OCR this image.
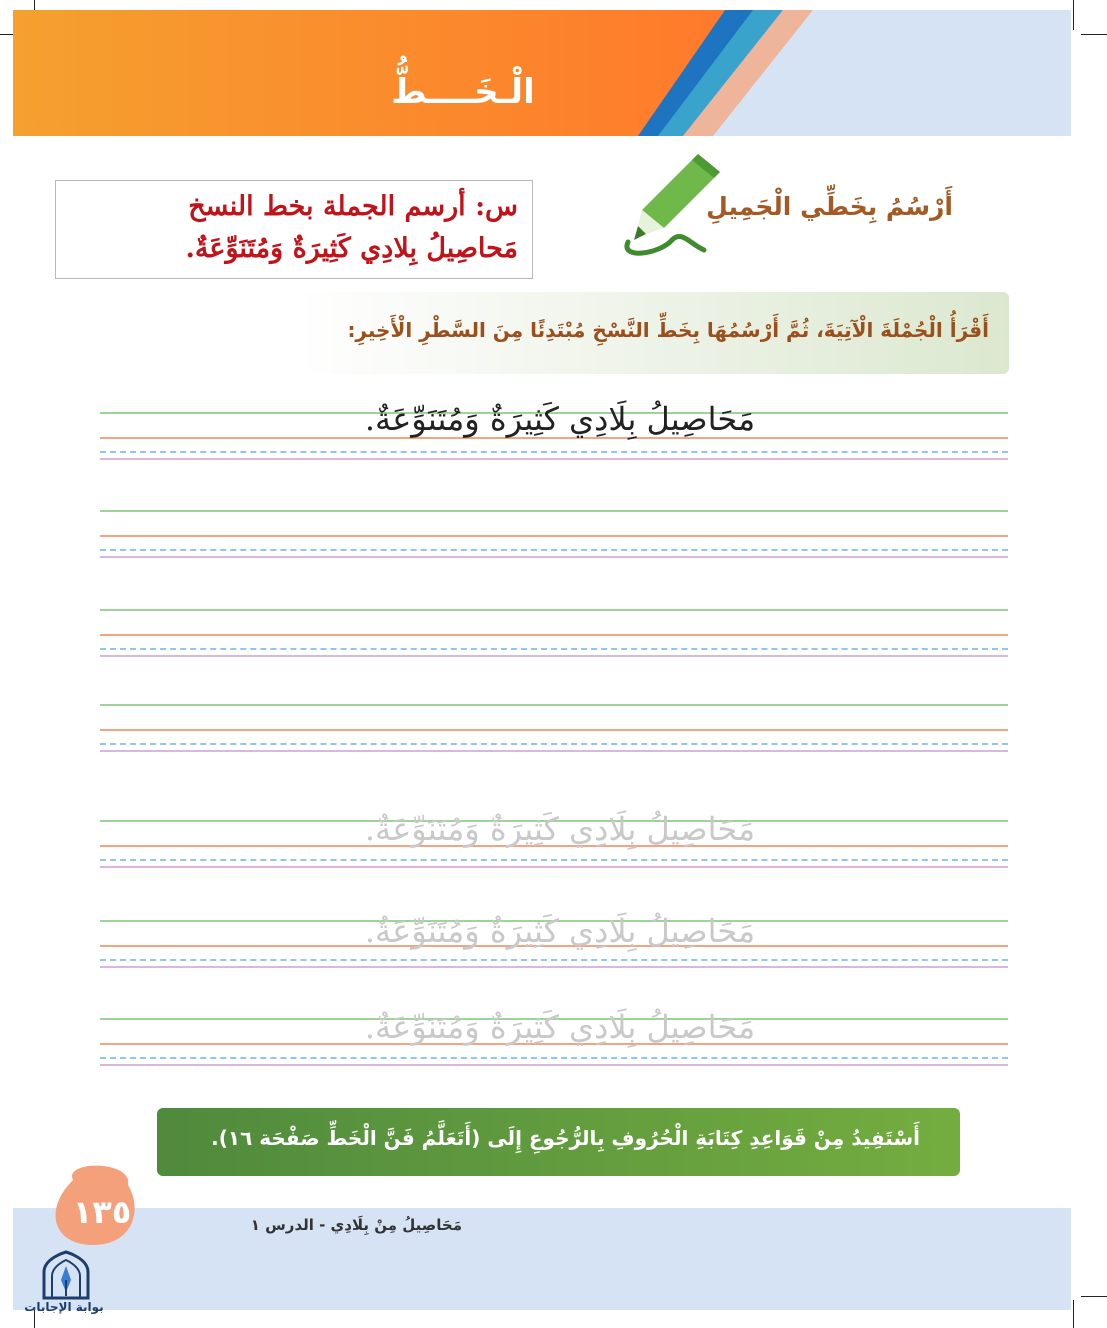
الْـخَــــطُّ
س: أرسم الجملة بخط النسخ
مَحاصِيلُ بِلادِي كَثِيرَةٌ وَمُتَنَوِّعَةٌ.
أَرْسُمُ بِخَطِّي الْجَمِيلِ
أَقْرَأُ الْجُمْلَةَ الْآتِيَةَ، ثُمَّ أَرْسُمُهَا بِخَطِّ النَّسْخِ مُبْتَدِئًا مِنَ السَّطْرِ الْأَخِيرِ:
مَحَاصِيلُ بِلَادِي كَثِيرَةٌ وَمُتَنَوِّعَةٌ.
مَحَاصِيلُ بِلَادِي كَثِيرَةٌ وَمُتَنَوِّعَةٌ.
مَحَاصِيلُ بِلَادِي كَثِيرَةٌ وَمُتَنَوِّعَةٌ.
مَحَاصِيلُ بِلَادِي كَثِيرَةٌ وَمُتَنَوِّعَةٌ.
أَسْتَفِيدُ مِنْ قَوَاعِدِ كِتَابَةِ الْحُرُوفِ بِالرُّجُوعِ إِلَى (أَتَعَلَّمُ فَنَّ الْخَطِّ صَفْحَة ١٦).
١٣٥	مَحَاصِيلُ مِنْ بِلَادِي - الدرس ١
بوابة الإجابات
